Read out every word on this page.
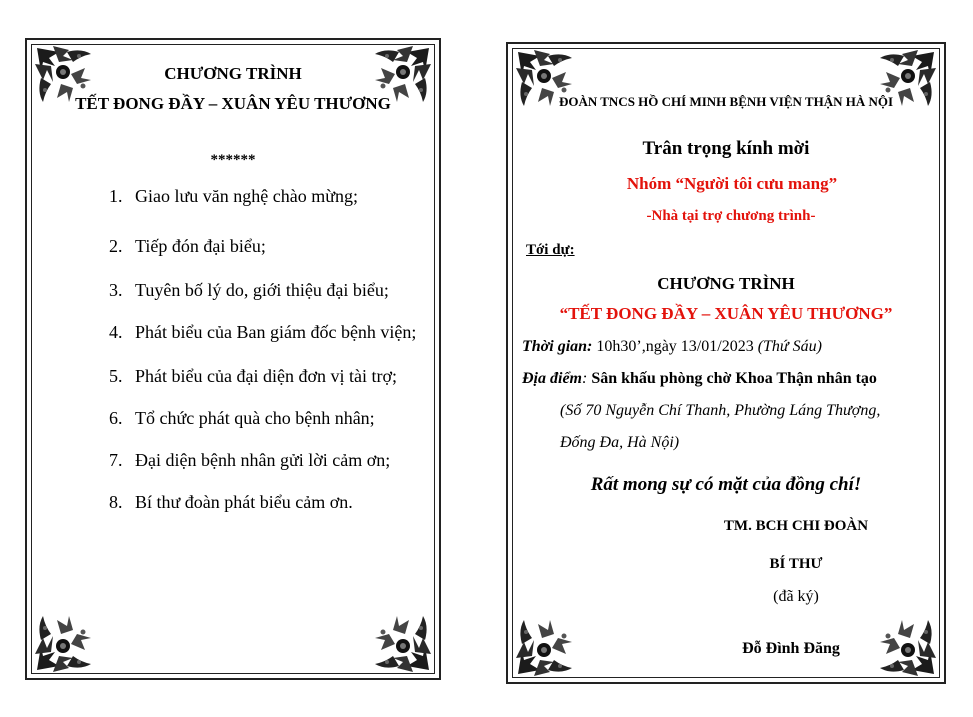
CHƯƠNG TRÌNH
TẾT ĐONG ĐẦY – XUÂN YÊU THƯƠNG
******
1. Giao lưu văn nghệ chào mừng;
2. Tiếp đón đại biểu;
3. Tuyên bố lý do, giới thiệu đại biểu;
4. Phát biểu của Ban giám đốc bệnh viện;
5. Phát biểu của đại diện đơn vị tài trợ;
6. Tổ chức phát quà cho bệnh nhân;
7. Đại diện bệnh nhân gửi lời cảm ơn;
8. Bí thư đoàn phát biểu cảm ơn.
ĐOÀN TNCS HỒ CHÍ MINH BỆNH VIỆN THẬN HÀ NỘI
Trân trọng kính mời
Nhóm “Người tôi cưu mang”
-Nhà tại trợ chương trình-
Tới dự:
CHƯƠNG TRÌNH
“TẾT ĐONG ĐẦY – XUÂN YÊU THƯƠNG”
Thời gian: 10h30’,ngày 13/01/2023 (Thứ Sáu)
Địa điểm: Sân khấu phòng chờ Khoa Thận nhân tạo
(Số 70 Nguyễn Chí Thanh, Phường Láng Thượng,
Đống Đa, Hà Nội)
Rất mong sự có mặt của đồng chí!
TM. BCH CHI ĐOÀN
BÍ THƯ
(đã ký)
Đỗ Đình Đăng
